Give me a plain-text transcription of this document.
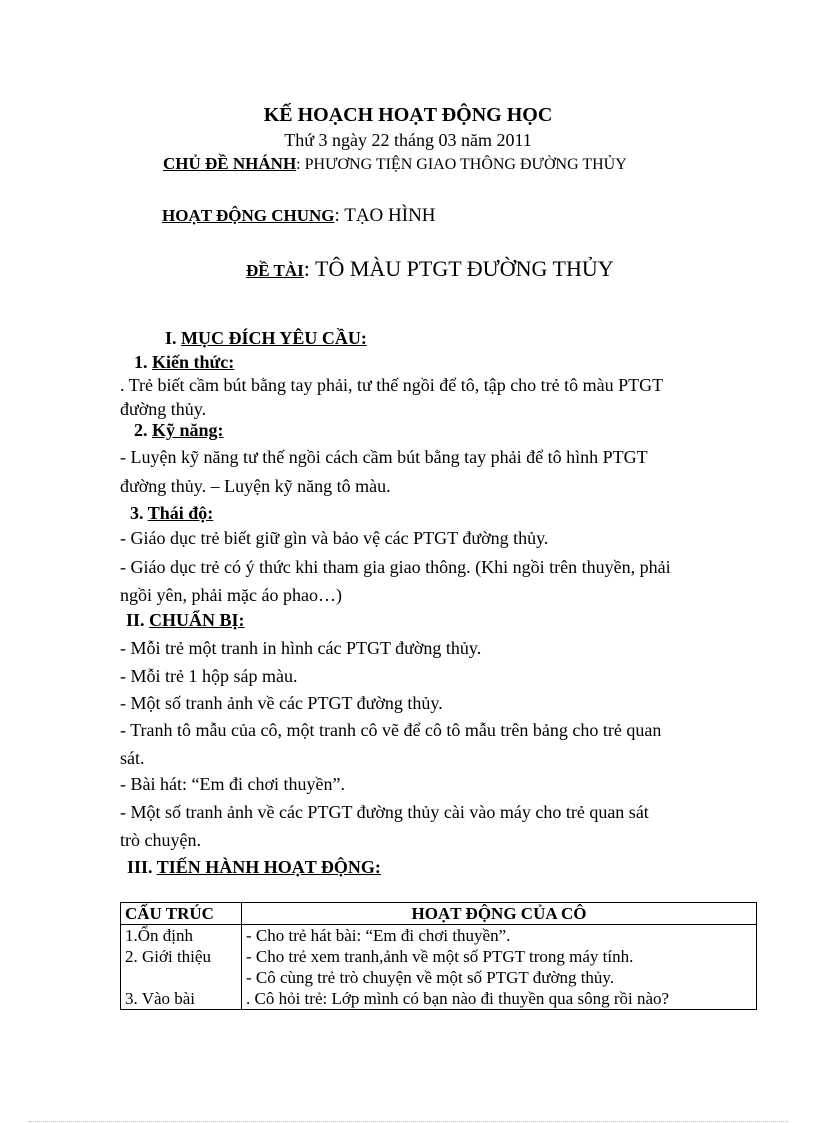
KẾ HOẠCH HOẠT ĐỘNG HỌC
Thứ 3 ngày 22 tháng 03 năm 2011
CHỦ ĐỀ NHÁNH: PHƯƠNG TIỆN GIAO THÔNG ĐƯỜNG THỦY
HOẠT ĐỘNG CHUNG: TẠO HÌNH
ĐỀ TÀI: TÔ MÀU PTGT ĐƯỜNG THỦY
I. MỤC ĐÍCH YÊU CẦU:
1. Kiến thức:
. Trẻ biết cầm bút bằng tay phải, tư thế ngồi để tô, tập cho trẻ tô màu PTGT
đường thủy.
2. Kỹ năng:
- Luyện kỹ năng tư thế ngồi cách cầm bút bằng tay phải để tô hình PTGT
đường thủy. – Luyện kỹ năng tô màu.
3. Thái độ:
- Giáo dục trẻ biết giữ gìn và bảo vệ các PTGT đường thủy.
- Giáo dục trẻ có ý thức khi tham gia giao thông. (Khi ngồi trên thuyền, phải
ngồi yên, phải mặc áo phao…)
II. CHUẨN BỊ:
- Mỗi trẻ một tranh in hình các PTGT đường thủy.
- Mỗi trẻ 1 hộp sáp màu.
- Một số tranh ảnh về các PTGT đường thủy.
- Tranh tô mẫu của cô, một tranh cô vẽ để cô tô mẫu trên bảng cho trẻ quan
sát.
- Bài hát: “Em đi chơi thuyền”.
- Một số tranh ảnh về các PTGT đường thủy cài vào máy cho trẻ quan sát
trò chuyện.
III. TIẾN HÀNH HOẠT ĐỘNG:
CẤU TRÚC	HOẠT ĐỘNG CỦA CÔ
1.Ổn định	- Cho trẻ hát bài: “Em đi chơi thuyền”.
2. Giới thiệu	- Cho trẻ xem tranh,ảnh về một số PTGT trong máy tính.
	- Cô cùng trẻ trò chuyện về một số PTGT đường thủy.
3. Vào bài	. Cô hỏi trẻ: Lớp mình có bạn nào đi thuyền qua sông rồi nào?
